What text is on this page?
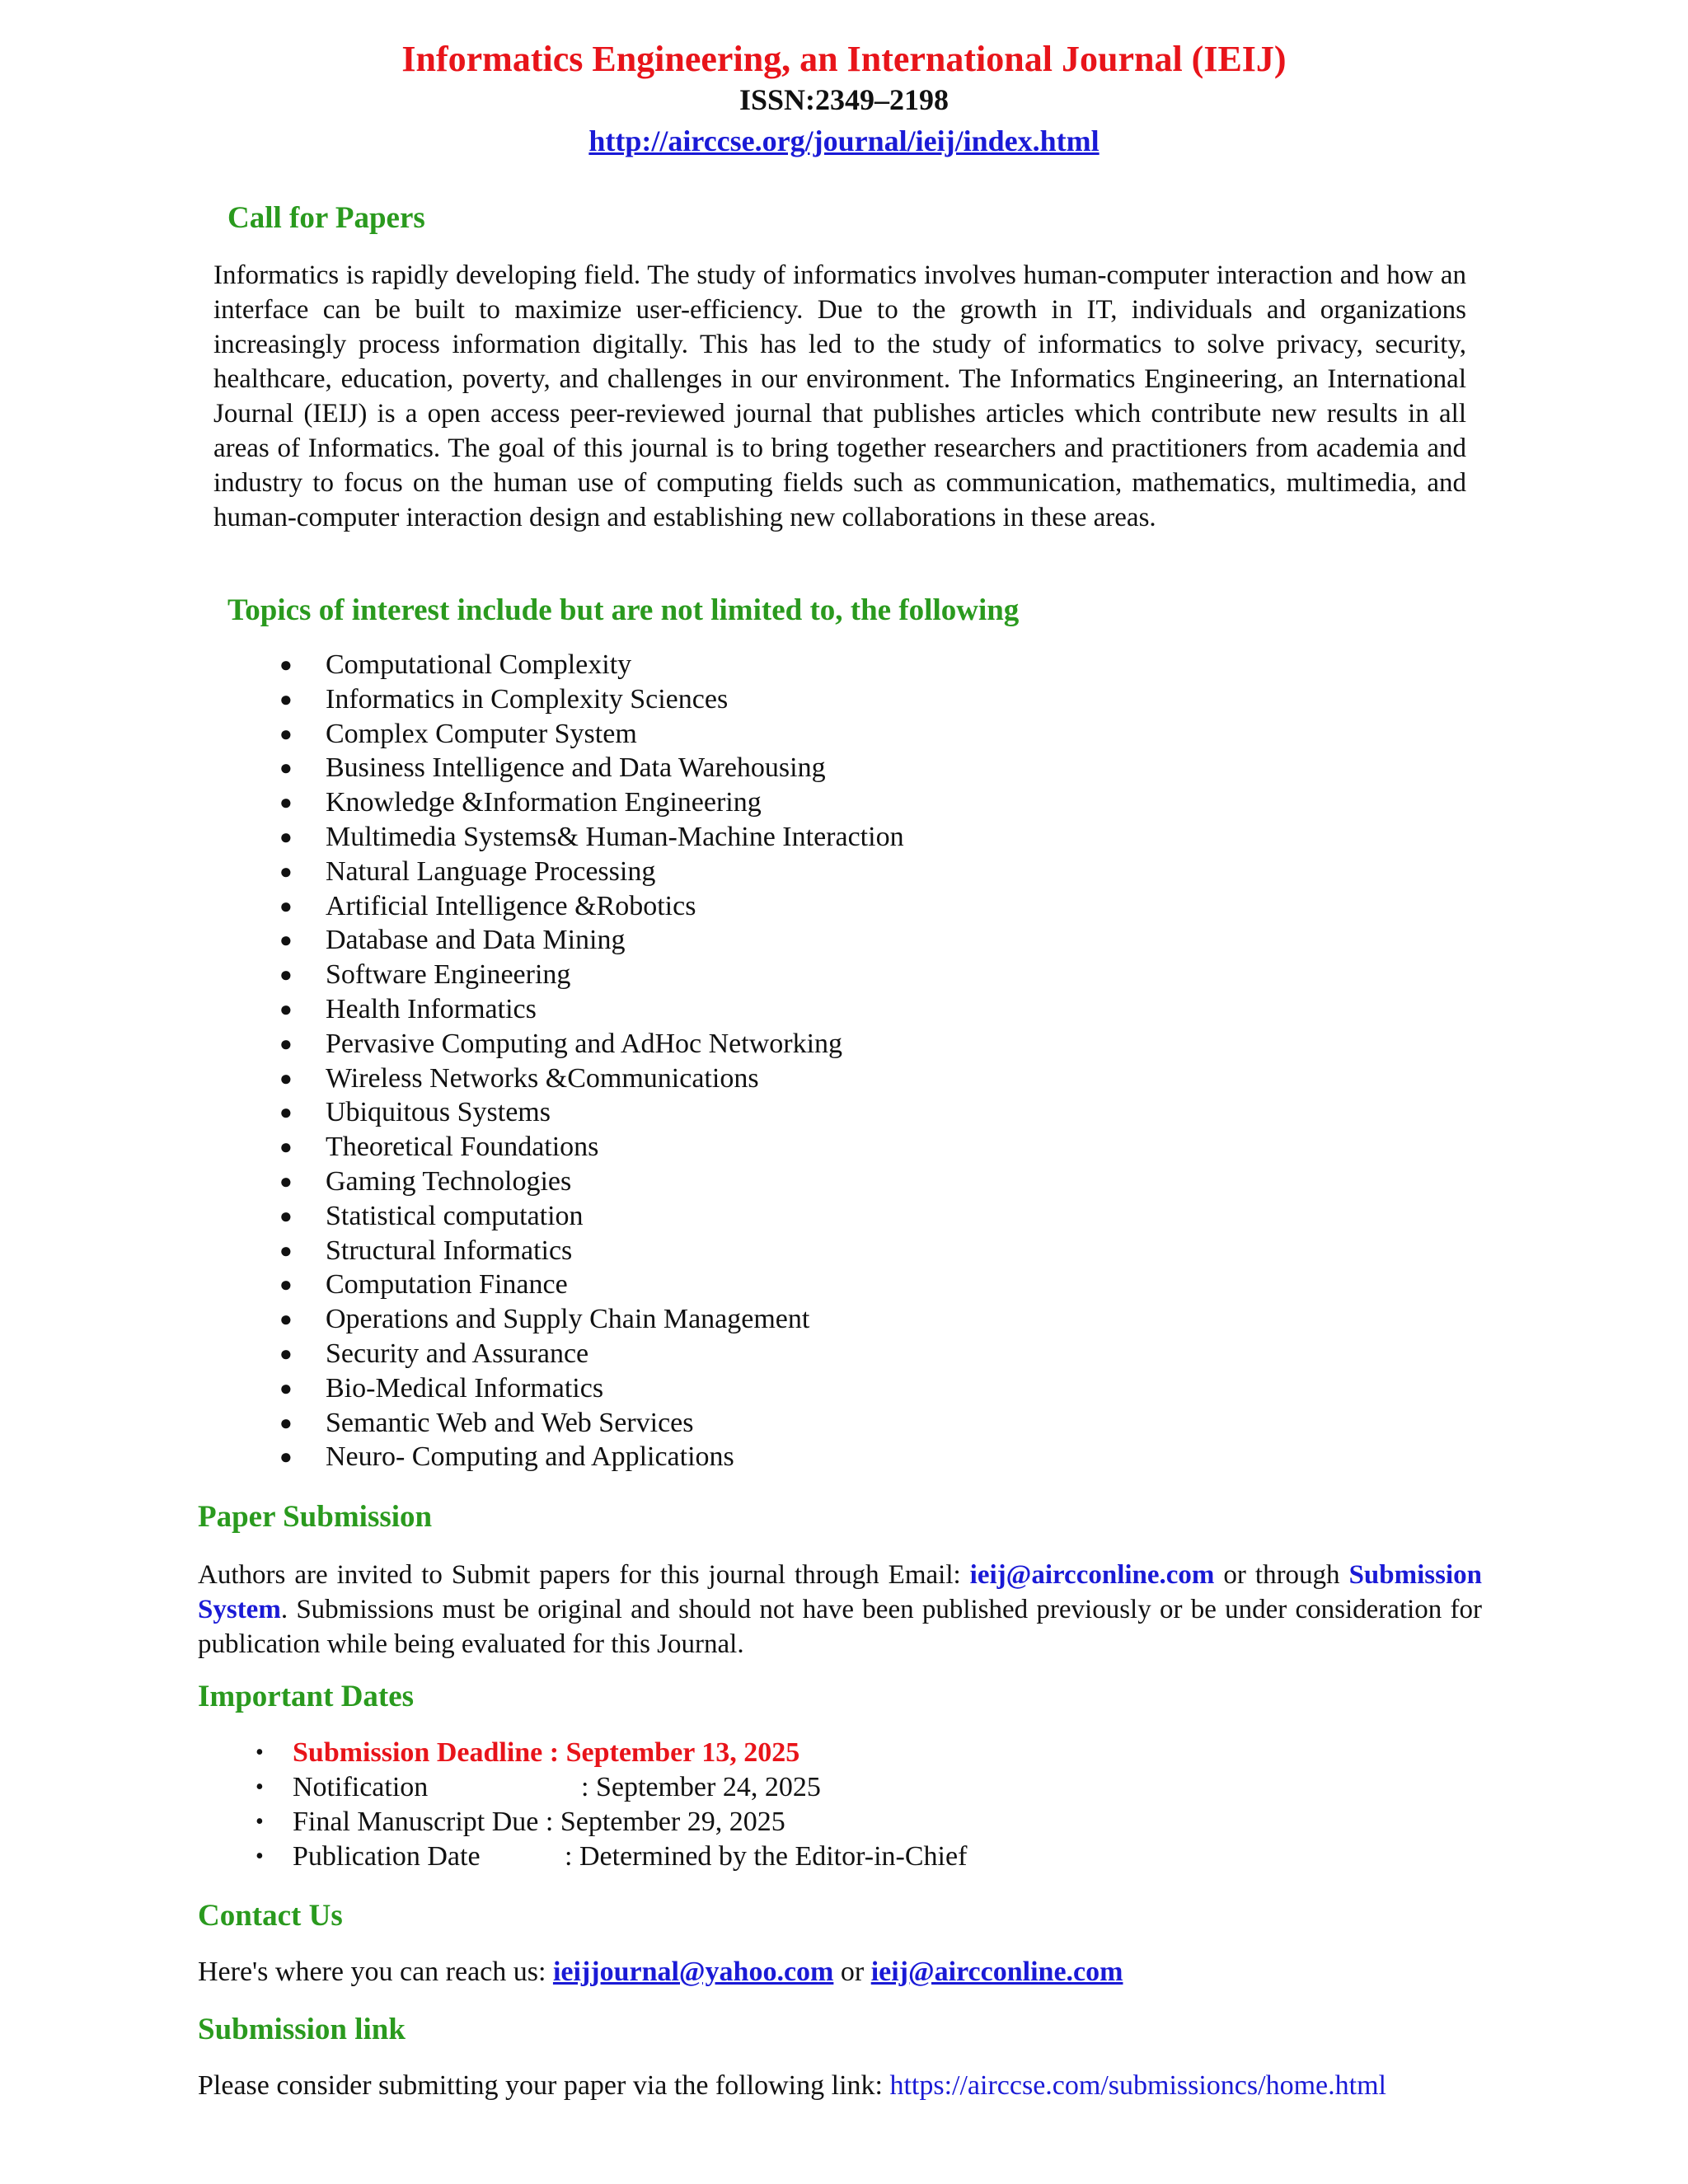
Informatics Engineering, an International Journal (IEIJ)
ISSN:2349–2198
http://airccse.org/journal/ieij/index.html
Call for Papers
Informatics is rapidly developing field. The study of informatics involves human-computer interaction and how an interface can be built to maximize user-efficiency. Due to the growth in IT, individuals and organizations increasingly process information digitally. This has led to the study of informatics to solve privacy, security, healthcare, education, poverty, and challenges in our environment. The Informatics Engineering, an International Journal (IEIJ) is a open access peer-reviewed journal that publishes articles which contribute new results in all areas of Informatics. The goal of this journal is to bring together researchers and practitioners from academia and industry to focus on the human use of computing fields such as communication, mathematics, multimedia, and human-computer interaction design and establishing new collaborations in these areas.
Topics of interest include but are not limited to, the following
● Computational Complexity
● Informatics in Complexity Sciences
● Complex Computer System
● Business Intelligence and Data Warehousing
● Knowledge &Information Engineering
● Multimedia Systems& Human-Machine Interaction
● Natural Language Processing
● Artificial Intelligence &Robotics
● Database and Data Mining
● Software Engineering
● Health Informatics
● Pervasive Computing and AdHoc Networking
● Wireless Networks &Communications
● Ubiquitous Systems
● Theoretical Foundations
● Gaming Technologies
● Statistical computation
● Structural Informatics
● Computation Finance
● Operations and Supply Chain Management
● Security and Assurance
● Bio-Medical Informatics
● Semantic Web and Web Services
● Neuro- Computing and Applications
Paper Submission
Authors are invited to Submit papers for this journal through Email: ieij@aircconline.com or through Submission System. Submissions must be original and should not have been published previously or be under consideration for publication while being evaluated for this Journal.
Important Dates
• Submission Deadline : September 13, 2025
• Notification	: September 24, 2025
• Final Manuscript Due : September 29, 2025
• Publication Date	: Determined by the Editor-in-Chief
Contact Us
Here's where you can reach us: ieijjournal@yahoo.com or ieij@aircconline.com
Submission link
Please consider submitting your paper via the following link: https://airccse.com/submissioncs/home.html
